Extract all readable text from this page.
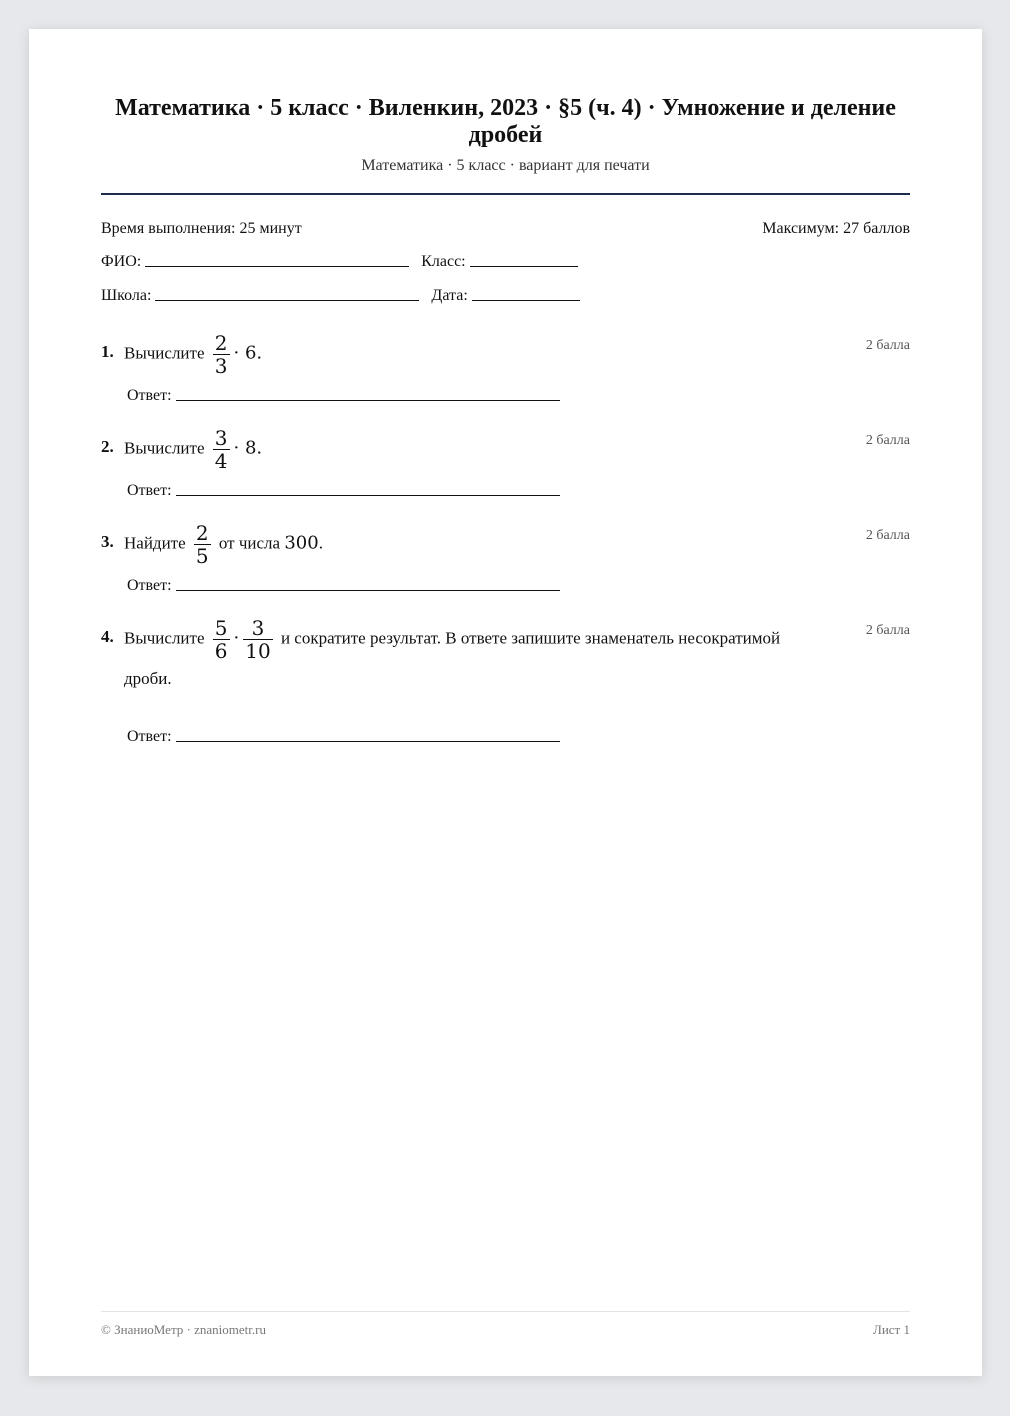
Математика · 5 класс · Виленкин, 2023 · §5 (ч. 4) · Умножение и деление дробей
Математика · 5 класс · вариант для печати
Время выполнения: 25 минут	Максимум: 27 баллов
ФИО:	Класс:
Школа:	Дата:
1.	2 балла
Вычислите $\frac{2}{3} \cdot 6$.
Ответ:
2.	2 балла
Вычислите $\frac{3}{4} \cdot 8$.
Ответ:
3.	2 балла
Найдите $\frac{2}{5}$ от числа 300.
Ответ:
4.	2 балла
Вычислите $\frac{5}{6} \cdot \frac{3}{10}$ и сократите результат. В ответе запишите знаменатель несократимой дроби.
Ответ:
© ЗнаниоМетр · znaniometr.ru	Лист 1
